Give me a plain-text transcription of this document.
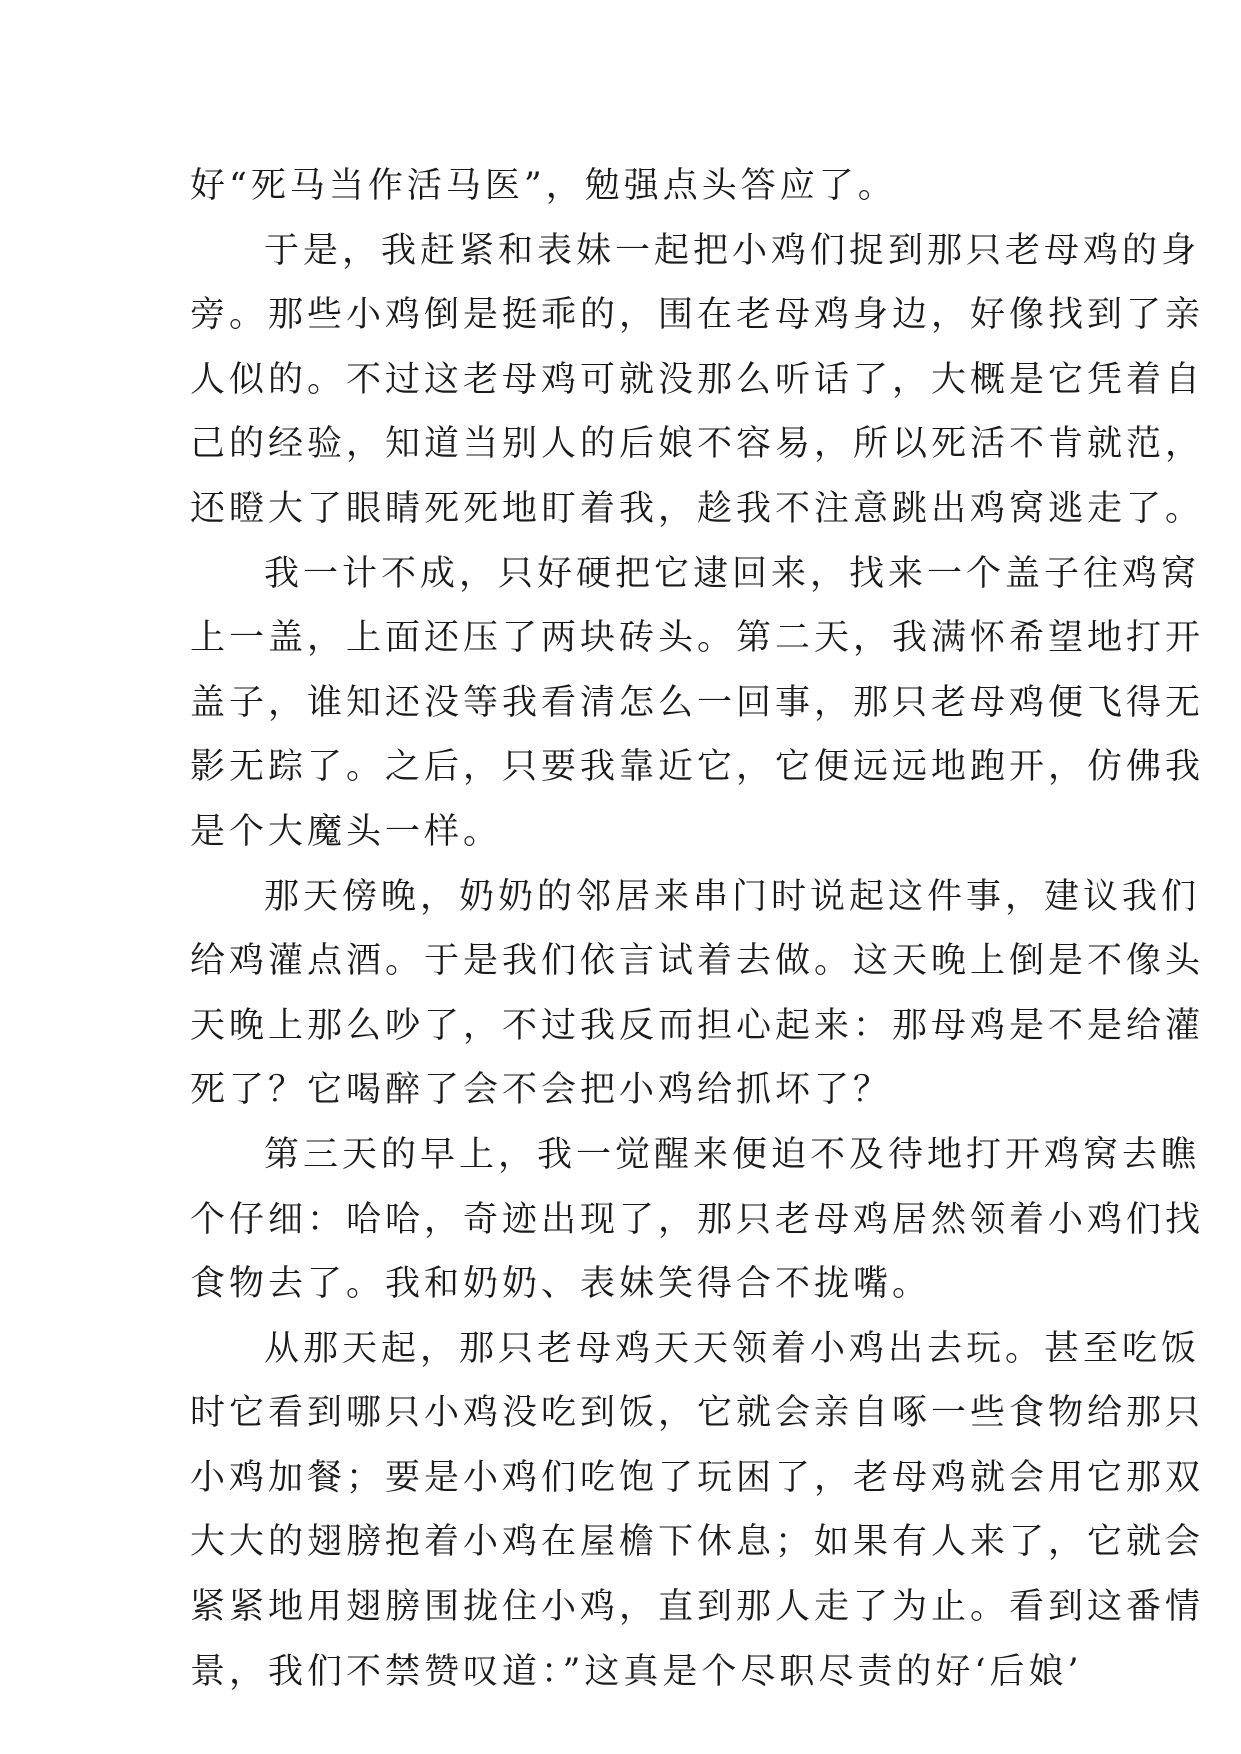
好“死马当作活马医”，勉强点头答应了。
于是，我赶紧和表妹一起把小鸡们捉到那只老母鸡的身
旁。那些小鸡倒是挺乖的，围在老母鸡身边，好像找到了亲
人似的。不过这老母鸡可就没那么听话了，大概是它凭着自
己的经验，知道当别人的后娘不容易，所以死活不肯就范，
还瞪大了眼睛死死地盯着我，趁我不注意跳出鸡窝逃走了。
我一计不成，只好硬把它逮回来，找来一个盖子往鸡窝
上一盖，上面还压了两块砖头。第二天，我满怀希望地打开
盖子，谁知还没等我看清怎么一回事，那只老母鸡便飞得无
影无踪了。之后，只要我靠近它，它便远远地跑开，仿佛我
是个大魔头一样。
那天傍晚，奶奶的邻居来串门时说起这件事，建议我们
给鸡灌点酒。于是我们依言试着去做。这天晚上倒是不像头
天晚上那么吵了，不过我反而担心起来：那母鸡是不是给灌
死了？它喝醉了会不会把小鸡给抓坏了？
第三天的早上，我一觉醒来便迫不及待地打开鸡窝去瞧
个仔细：哈哈，奇迹出现了，那只老母鸡居然领着小鸡们找
食物去了。我和奶奶、表妹笑得合不拢嘴。
从那天起，那只老母鸡天天领着小鸡出去玩。甚至吃饭
时它看到哪只小鸡没吃到饭，它就会亲自啄一些食物给那只
小鸡加餐；要是小鸡们吃饱了玩困了，老母鸡就会用它那双
大大的翅膀抱着小鸡在屋檐下休息；如果有人来了，它就会
紧紧地用翅膀围拢住小鸡，直到那人走了为止。看到这番情
景，我们不禁赞叹道：”这真是个尽职尽责的好‘后娘’
